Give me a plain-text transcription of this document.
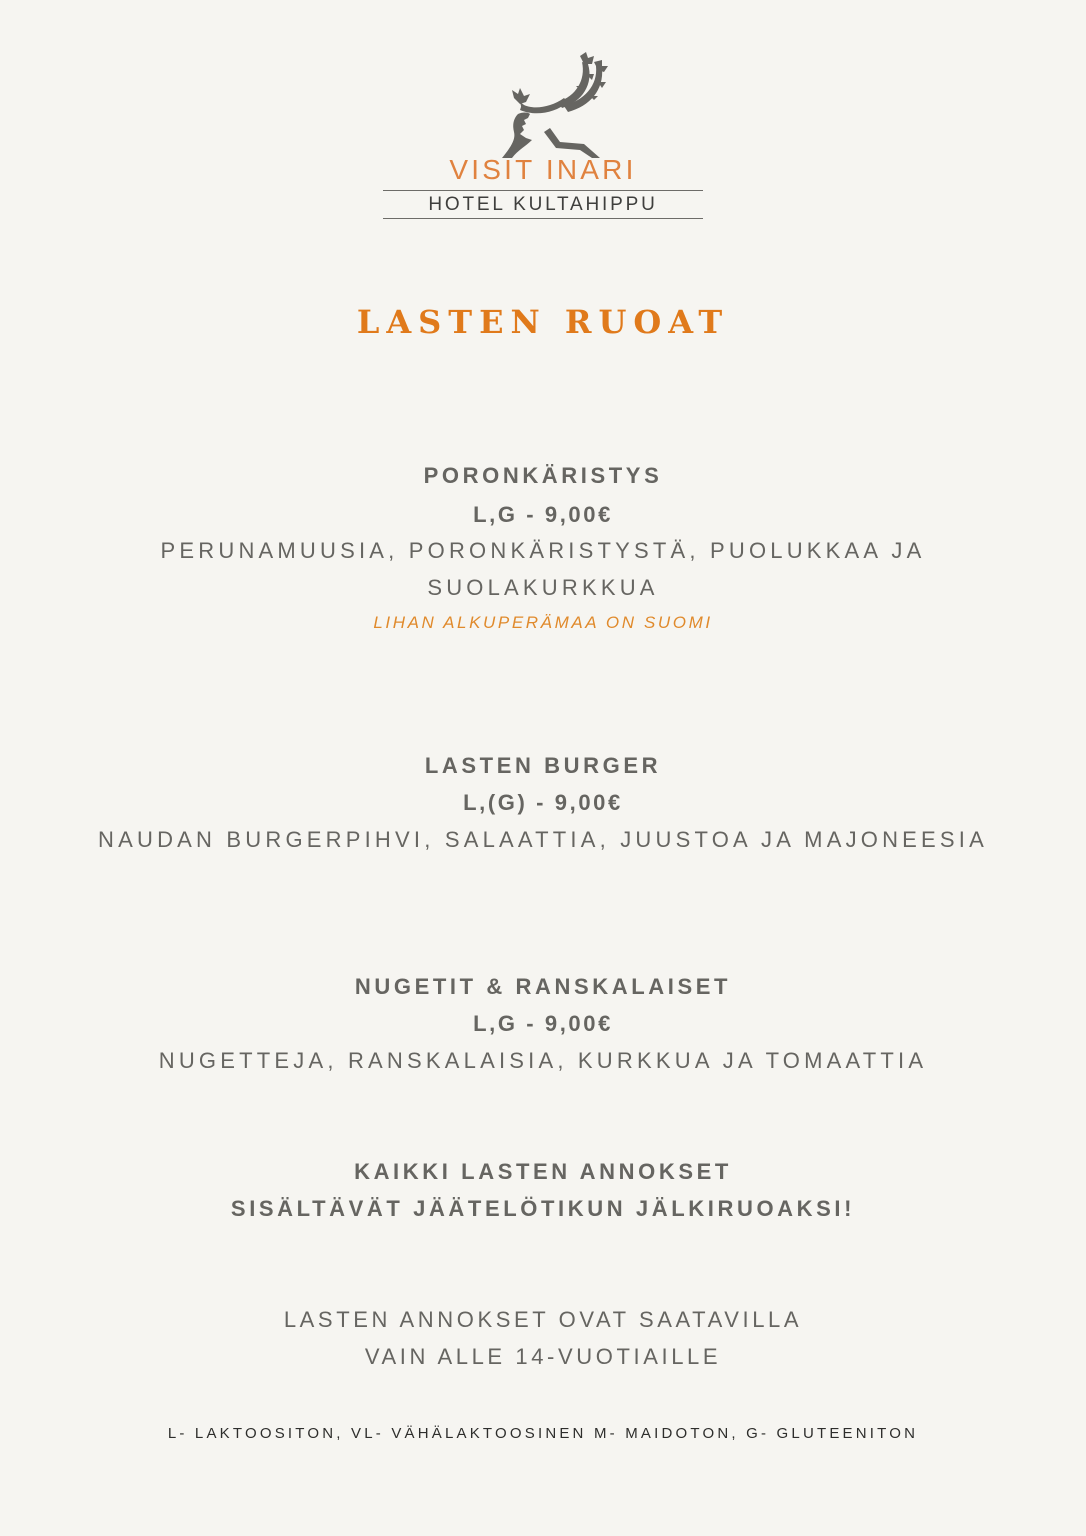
VISIT INARI
HOTEL KULTAHIPPU
LASTEN RUOAT
PORONKÄRISTYS
L,G - 9,00€
PERUNAMUUSIA, PORONKÄRISTYSTÄ, PUOLUKKAA JA
SUOLAKURKKUA
LIHAN ALKUPERÄMAA ON SUOMI
LASTEN BURGER
L,(G) - 9,00€
NAUDAN BURGERPIHVI, SALAATTIA, JUUSTOA JA MAJONEESIA
NUGETIT & RANSKALAISET
L,G - 9,00€
NUGETTEJA, RANSKALAISIA, KURKKUA JA TOMAATTIA
KAIKKI LASTEN ANNOKSET
SISÄLTÄVÄT JÄÄTELÖTIKUN JÄLKIRUOAKSI!
LASTEN ANNOKSET OVAT SAATAVILLA
VAIN ALLE 14-VUOTIAILLE
L- LAKTOOSITON, VL- VÄHÄLAKTOOSINEN M- MAIDOTON, G- GLUTEENITON
